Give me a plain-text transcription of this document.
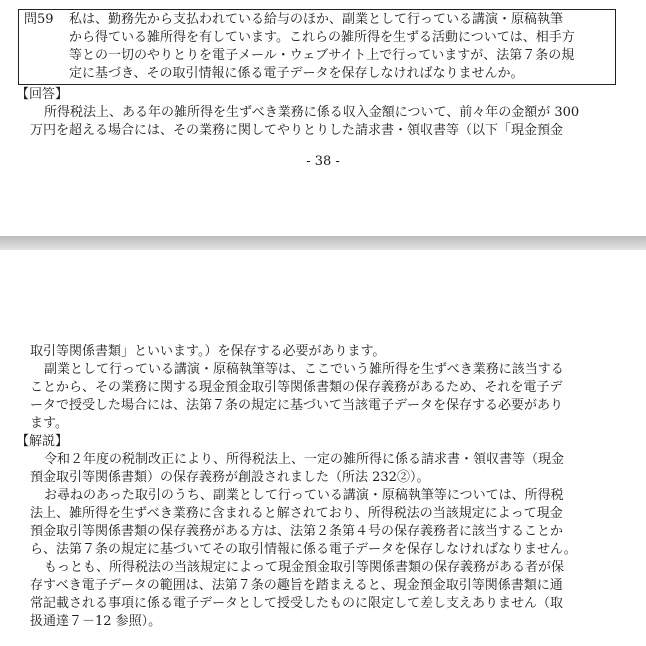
問59 私は、勤務先から支払われている給与のほか、副業として行っている講演・原稿執筆
から得ている雑所得を有しています。これらの雑所得を生ずる活動については、相手方
等との一切のやりとりを電子メール・ウェブサイト上で行っていますが、法第７条の規
定に基づき、その取引情報に係る電子データを保存しなければなりませんか。
【回答】
所得税法上、ある年の雑所得を生ずべき業務に係る収入金額について、前々年の金額が 300
万円を超える場合には、その業務に関してやりとりした請求書・領収書等（以下「現金預金
- 38 -
取引等関係書類」といいます。）を保存する必要があります。
副業として行っている講演・原稿執筆等は、ここでいう雑所得を生ずべき業務に該当する
ことから、その業務に関する現金預金取引等関係書類の保存義務があるため、それを電子デ
ータで授受した場合には、法第７条の規定に基づいて当該電子データを保存する必要があり
ます。
【解説】
令和２年度の税制改正により、所得税法上、一定の雑所得に係る請求書・領収書等（現金
預金取引等関係書類）の保存義務が創設されました（所法 232②）。
お尋ねのあった取引のうち、副業として行っている講演・原稿執筆等については、所得税
法上、雑所得を生ずべき業務に含まれると解されており、所得税法の当該規定によって現金
預金取引等関係書類の保存義務がある方は、法第２条第４号の保存義務者に該当することか
ら、法第７条の規定に基づいてその取引情報に係る電子データを保存しなければなりません。
もっとも、所得税法の当該規定によって現金預金取引等関係書類の保存義務がある者が保
存すべき電子データの範囲は、法第７条の趣旨を踏まえると、現金預金取引等関係書類に通
常記載される事項に係る電子データとして授受したものに限定して差し支えありません（取
扱通達７－12 参照）。
